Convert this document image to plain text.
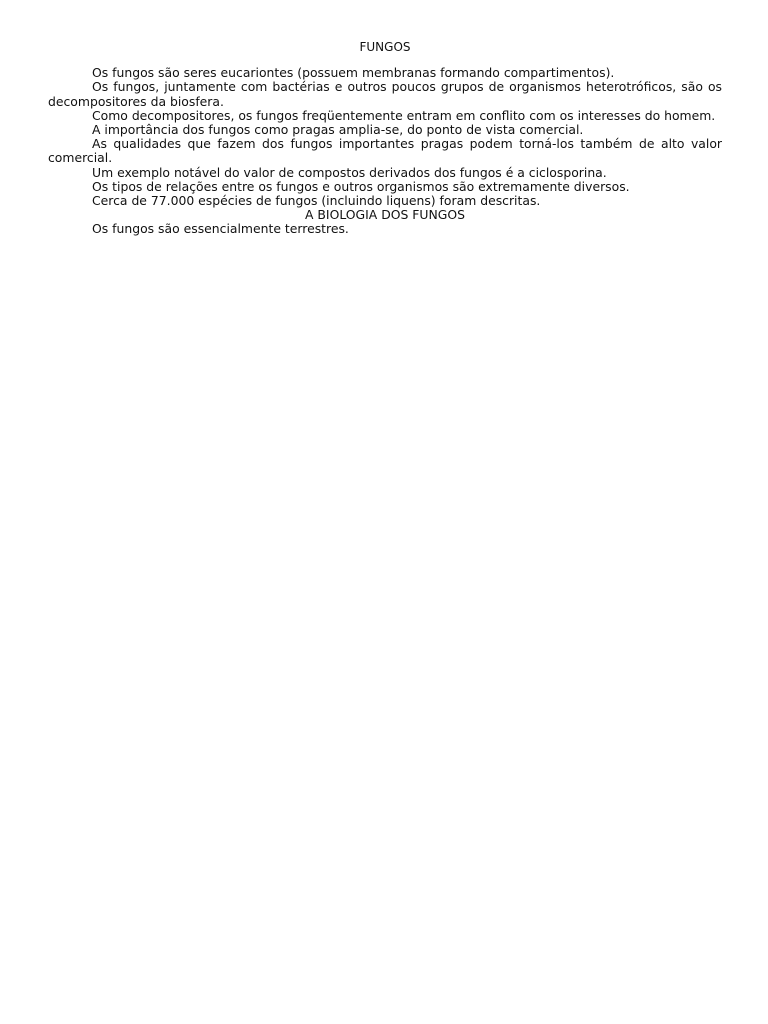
FUNGOS

Os fungos são seres eucariontes (possuem membranas formando compartimentos).

Os fungos, juntamente com bactérias e outros poucos grupos de organismos heterotróficos, são os decompositores da biosfera.

Como decompositores, os fungos freqüentemente entram em conflito com os interesses do homem.

A importância dos fungos como pragas amplia-se, do ponto de vista comercial.

As qualidades que fazem dos fungos importantes pragas podem torná-los também de alto valor comercial.

Um exemplo notável do valor de compostos derivados dos fungos é a ciclosporina.

Os tipos de relações entre os fungos e outros organismos são extremamente diversos.

Cerca de 77.000 espécies de fungos (incluindo liquens) foram descritas.

A BIOLOGIA DOS FUNGOS

Os fungos são essencialmente terrestres.
